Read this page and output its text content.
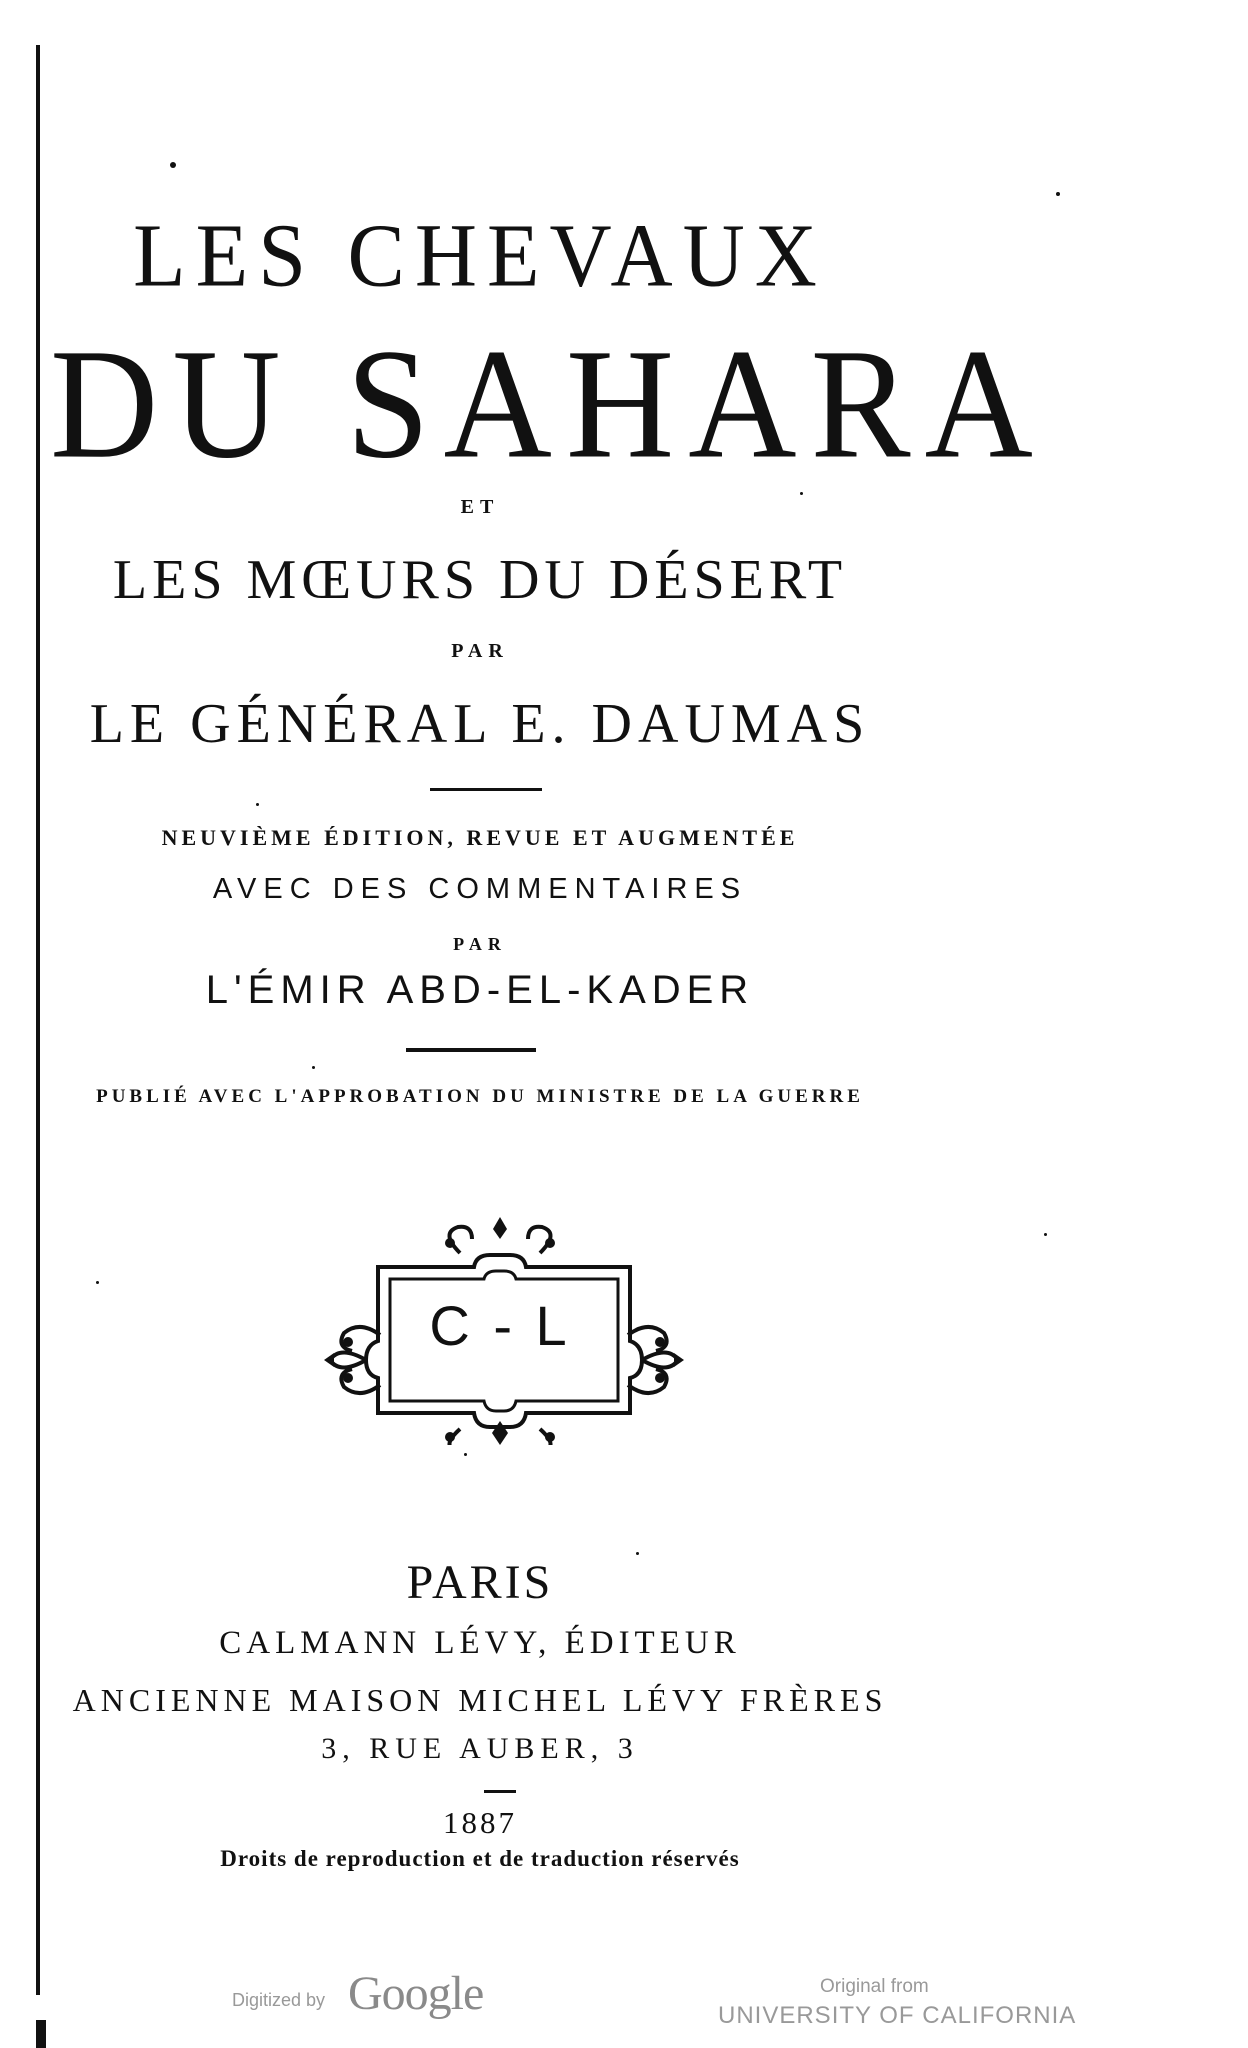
LES CHEVAUX
DU SAHARA
ET
LES MŒURS DU DÉSERT
PAR
LE GÉNÉRAL E. DAUMAS
NEUVIÈME ÉDITION, REVUE ET AUGMENTÉE
AVEC DES COMMENTAIRES
PAR
L'ÉMIR ABD-EL-KADER
PUBLIÉ AVEC L'APPROBATION DU MINISTRE DE LA GUERRE
C - L
PARIS
CALMANN LÉVY, ÉDITEUR
ANCIENNE MAISON MICHEL LÉVY FRÈRES
3, RUE AUBER, 3
1887
Droits de reproduction et de traduction réservés
Digitized by Google	Original from
UNIVERSITY OF CALIFORNIA
